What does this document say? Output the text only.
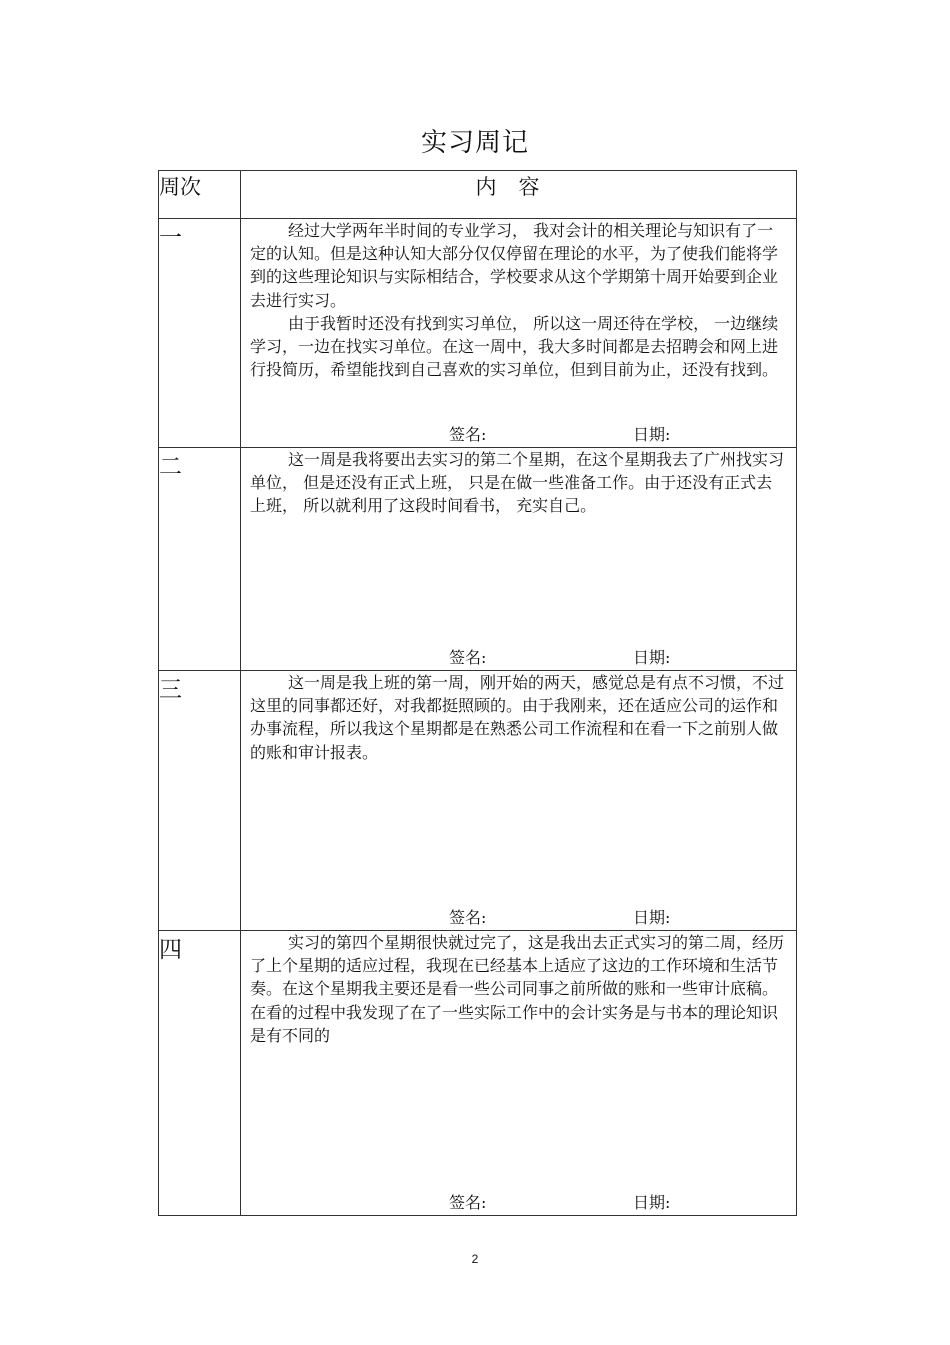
实习周记
周次	内容
一	经过大学两年半时间的专业学习， 我对会计的相关理论与知识有了一定的认知。但是这种认知大部分仅仅停留在理论的水平，为了使我们能将学到的这些理论知识与实际相结合，学校要求从这个学期第十周开始要到企业去进行实习。

由于我暂时还没有找到实习单位， 所以这一周还待在学校， 一边继续学习，一边在找实习单位。在这一周中，我大多时间都是去招聘会和网上进行投简历，希望能找到自己喜欢的实习单位，但到目前为止，还没有找到。

签名: 日期:

二	这一周是我将要出去实习的第二个星期，在这个星期我去了广州找实习单位， 但是还没有正式上班， 只是在做一些准备工作。由于还没有正式去上班， 所以就利用了这段时间看书， 充实自己。

签名: 日期:

三	这一周是我上班的第一周，刚开始的两天，感觉总是有点不习惯，不过这里的同事都还好，对我都挺照顾的。由于我刚来，还在适应公司的运作和办事流程，所以我这个星期都是在熟悉公司工作流程和在看一下之前别人做的账和审计报表。

签名: 日期:

四	实习的第四个星期很快就过完了，这是我出去正式实习的第二周，经历了上个星期的适应过程，我现在已经基本上适应了这边的工作环境和生活节奏。在这个星期我主要还是看一些公司同事之前所做的账和一些审计底稿。在看的过程中我发现了在了一些实际工作中的会计实务是与书本的理论知识是有不同的

签名: 日期:
2
